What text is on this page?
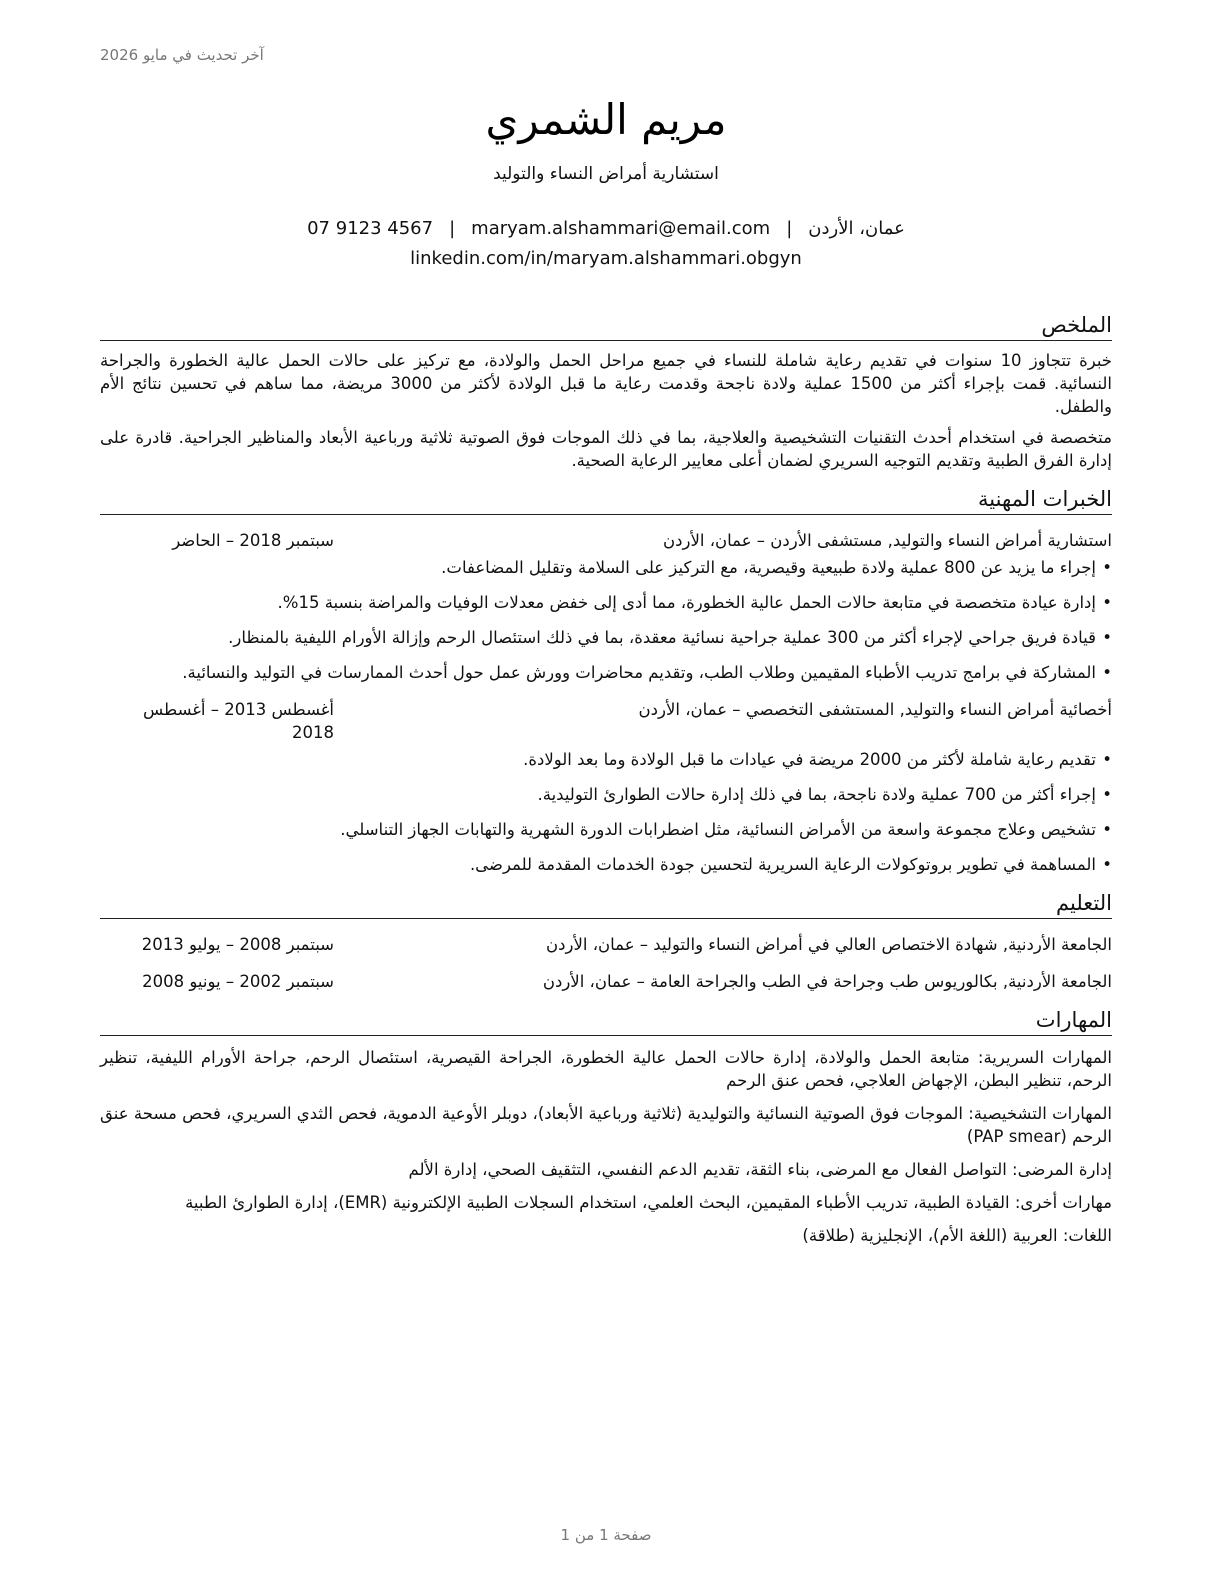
آخر تحديث في مايو 2026
مريم الشمري
استشارية أمراض النساء والتوليد
عمان، الأردن|maryam.alshammari@email.com|07 9123 4567
linkedin.com/in/maryam.alshammari.obgyn
الملخص

خبرة تتجاوز 10 سنوات في تقديم رعاية شاملة للنساء في جميع مراحل الحمل والولادة، مع تركيز على حالات الحمل عالية الخطورة والجراحة النسائية. قمت بإجراء أكثر من 1500 عملية ولادة ناجحة وقدمت رعاية ما قبل الولادة لأكثر من 3000 مريضة، مما ساهم في تحسين نتائج الأم والطفل.

متخصصة في استخدام أحدث التقنيات التشخيصية والعلاجية، بما في ذلك الموجات فوق الصوتية ثلاثية ورباعية الأبعاد والمناظير الجراحية. قادرة على إدارة الفرق الطبية وتقديم التوجيه السريري لضمان أعلى معايير الرعاية الصحية.

الخبرات المهنية
استشارية أمراض النساء والتوليد, مستشفى الأردن – عمان، الأردن
سبتمبر 2018 – الحاضر
• إجراء ما يزيد عن 800 عملية ولادة طبيعية وقيصرية، مع التركيز على السلامة وتقليل المضاعفات.
• إدارة عيادة متخصصة في متابعة حالات الحمل عالية الخطورة، مما أدى إلى خفض معدلات الوفيات والمراضة بنسبة 15%.
• قيادة فريق جراحي لإجراء أكثر من 300 عملية جراحية نسائية معقدة، بما في ذلك استئصال الرحم وإزالة الأورام الليفية بالمنظار.
• المشاركة في برامج تدريب الأطباء المقيمين وطلاب الطب، وتقديم محاضرات وورش عمل حول أحدث الممارسات في التوليد والنسائية.
أخصائية أمراض النساء والتوليد, المستشفى التخصصي – عمان، الأردن
أغسطس 2013 – أغسطس 2018
• تقديم رعاية شاملة لأكثر من 2000 مريضة في عيادات ما قبل الولادة وما بعد الولادة.
• إجراء أكثر من 700 عملية ولادة ناجحة، بما في ذلك إدارة حالات الطوارئ التوليدية.
• تشخيص وعلاج مجموعة واسعة من الأمراض النسائية، مثل اضطرابات الدورة الشهرية والتهابات الجهاز التناسلي.
• المساهمة في تطوير بروتوكولات الرعاية السريرية لتحسين جودة الخدمات المقدمة للمرضى.
التعليم
الجامعة الأردنية, شهادة الاختصاص العالي في أمراض النساء والتوليد – عمان، الأردن
سبتمبر 2008 – يوليو 2013
الجامعة الأردنية, بكالوريوس طب وجراحة في الطب والجراحة العامة – عمان، الأردن
سبتمبر 2002 – يونيو 2008
المهارات

المهارات السريرية: متابعة الحمل والولادة، إدارة حالات الحمل عالية الخطورة، الجراحة القيصرية، استئصال الرحم، جراحة الأورام الليفية، تنظير الرحم، تنظير البطن، الإجهاض العلاجي، فحص عنق الرحم

المهارات التشخيصية: الموجات فوق الصوتية النسائية والتوليدية (ثلاثية ورباعية الأبعاد)، دوبلر الأوعية الدموية، فحص الثدي السريري، فحص مسحة عنق الرحم (PAP smear)

إدارة المرضى: التواصل الفعال مع المرضى، بناء الثقة، تقديم الدعم النفسي، التثقيف الصحي، إدارة الألم

مهارات أخرى: القيادة الطبية، تدريب الأطباء المقيمين، البحث العلمي، استخدام السجلات الطبية الإلكترونية (EMR)، إدارة الطوارئ الطبية

اللغات: العربية (اللغة الأم)، الإنجليزية (طلاقة)

صفحة 1 من 1
